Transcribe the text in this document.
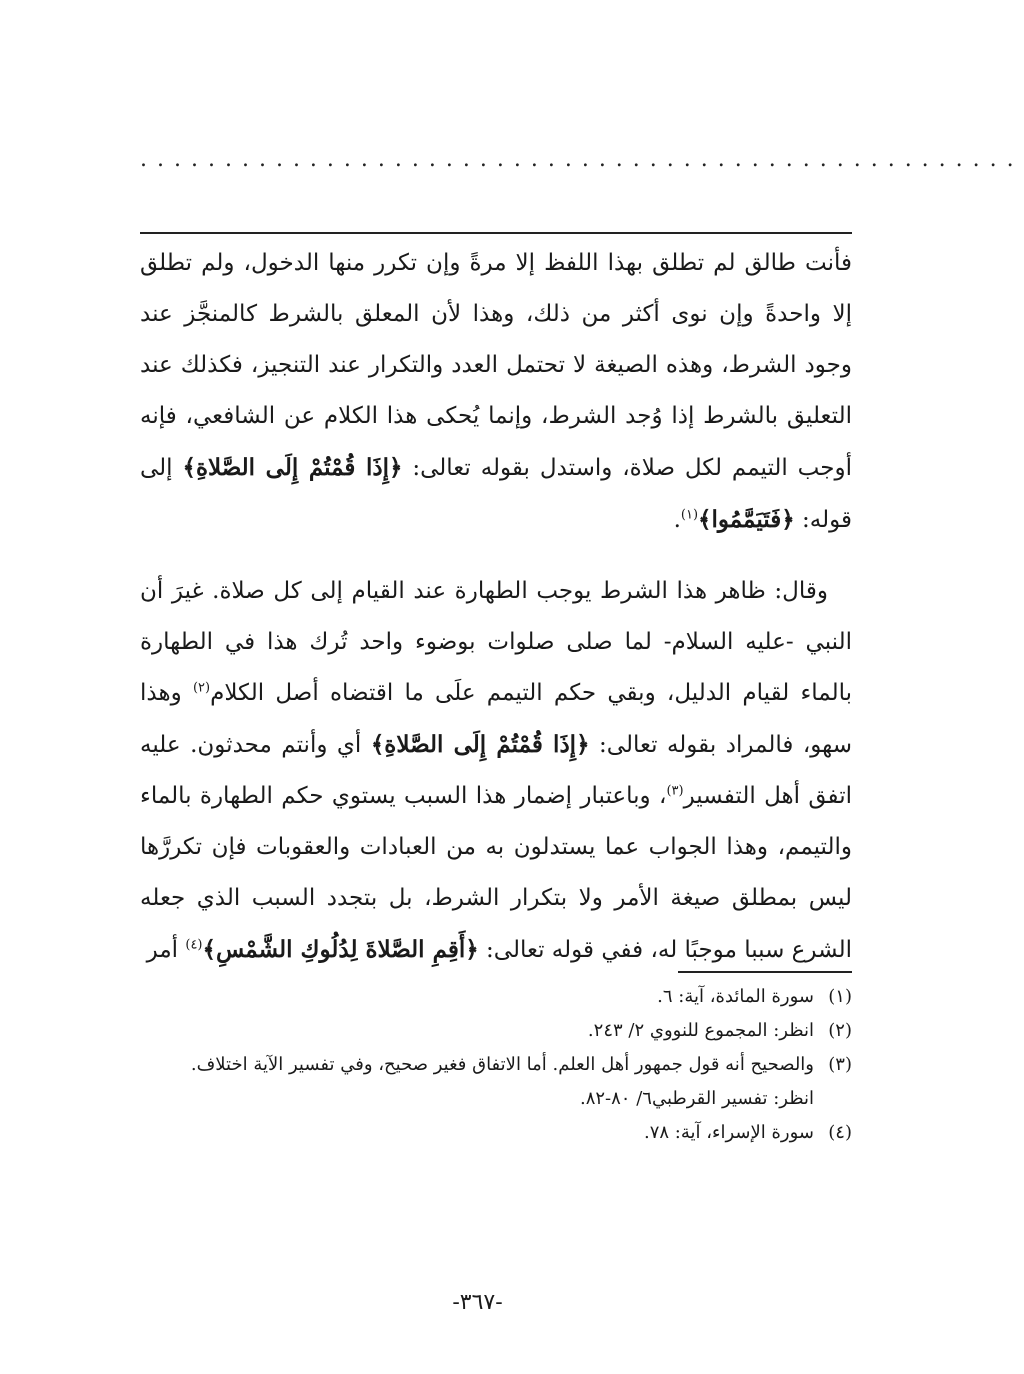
....................................................

فأنت طالق لم تطلق بهذا اللفظ إلا مرةً وإن تكرر منها الدخول، ولم تطلق إلا واحدةً وإن نوى أكثر من ذلك، وهذا لأن المعلق بالشرط كالمنجَّز عند وجود الشرط، وهذه الصيغة لا تحتمل العدد والتكرار عند التنجيز، فكذلك عند التعليق بالشرط إذا وُجد الشرط، وإنما يُحكى هذا الكلام عن الشافعي، فإنه أوجب التيمم لكل صلاة، واستدل بقوله تعالى: ﴿إِذَا قُمْتُمْ إِلَى الصَّلاةِ﴾ إلى قوله: ﴿فَتَيَمَّمُوا﴾$^{(١)}$.

وقال: ظاهر هذا الشرط يوجب الطهارة عند القيام إلى كل صلاة. غيرَ أن النبي -عليه السلام- لما صلى صلوات بوضوء واحد تُرك هذا في الطهارة بالماء لقيام الدليل، وبقي حكم التيمم علَى ما اقتضاه أصل الكلام$^{(٢)}$ وهذا سهو، فالمراد بقوله تعالى: ﴿إِذَا قُمْتُمْ إِلَى الصَّلاةِ﴾ أي وأنتم محدثون. عليه اتفق أهل التفسير$^{(٣)}$، وباعتبار إضمار هذا السبب يستوي حكم الطهارة بالماء والتيمم، وهذا الجواب عما يستدلون به من العبادات والعقوبات فإن تكررَّها ليس بمطلق صيغة الأمر ولا بتكرار الشرط، بل بتجدد السبب الذي جعله الشرع سببا موجبًا له، ففي قوله تعالى: ﴿أَقِمِ الصَّلاةَ لِدُلُوكِ الشَّمْسِ﴾$^{(٤)}$ أمر

(١)
سورة المائدة، آية: ٦.
(٢)
انظر: المجموع للنووي ٢/ ٢٤٣.
(٣)
والصحيح أنه قول جمهور أهل العلم. أما الاتفاق فغير صحيح، وفي تفسير الآية اختلاف.
انظر: تفسير القرطبي٦/ ٨٠-٨٢.
(٤)
سورة الإسراء، آية: ٧٨.
-٣٦٧-
